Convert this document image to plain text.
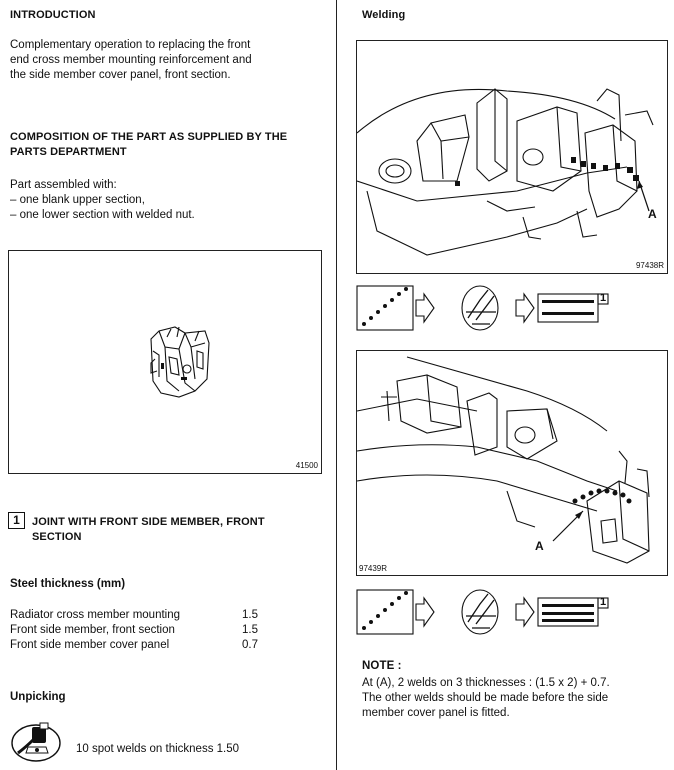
INTRODUCTION
Complementary operation to replacing the front
end cross member mounting reinforcement and
the side member cover panel, front section.
COMPOSITION OF THE PART AS SUPPLIED BY THE
PARTS DEPARTMENT
Part assembled with:
– one blank upper section,
– one lower section with welded nut.
41500
1	JOINT WITH FRONT SIDE MEMBER, FRONT
SECTION
Steel thickness (mm)
Radiator cross member mounting	1.5
Front side member, front section	1.5
Front side member cover panel	0.7
Unpicking
10 spot welds on thickness 1.50
Welding
A
97438R
1
A
97439R
1
NOTE :
At (A), 2 welds on 3 thicknesses : (1.5 x 2) + 0.7.
The other welds should be made before the side
member cover panel is fitted.
